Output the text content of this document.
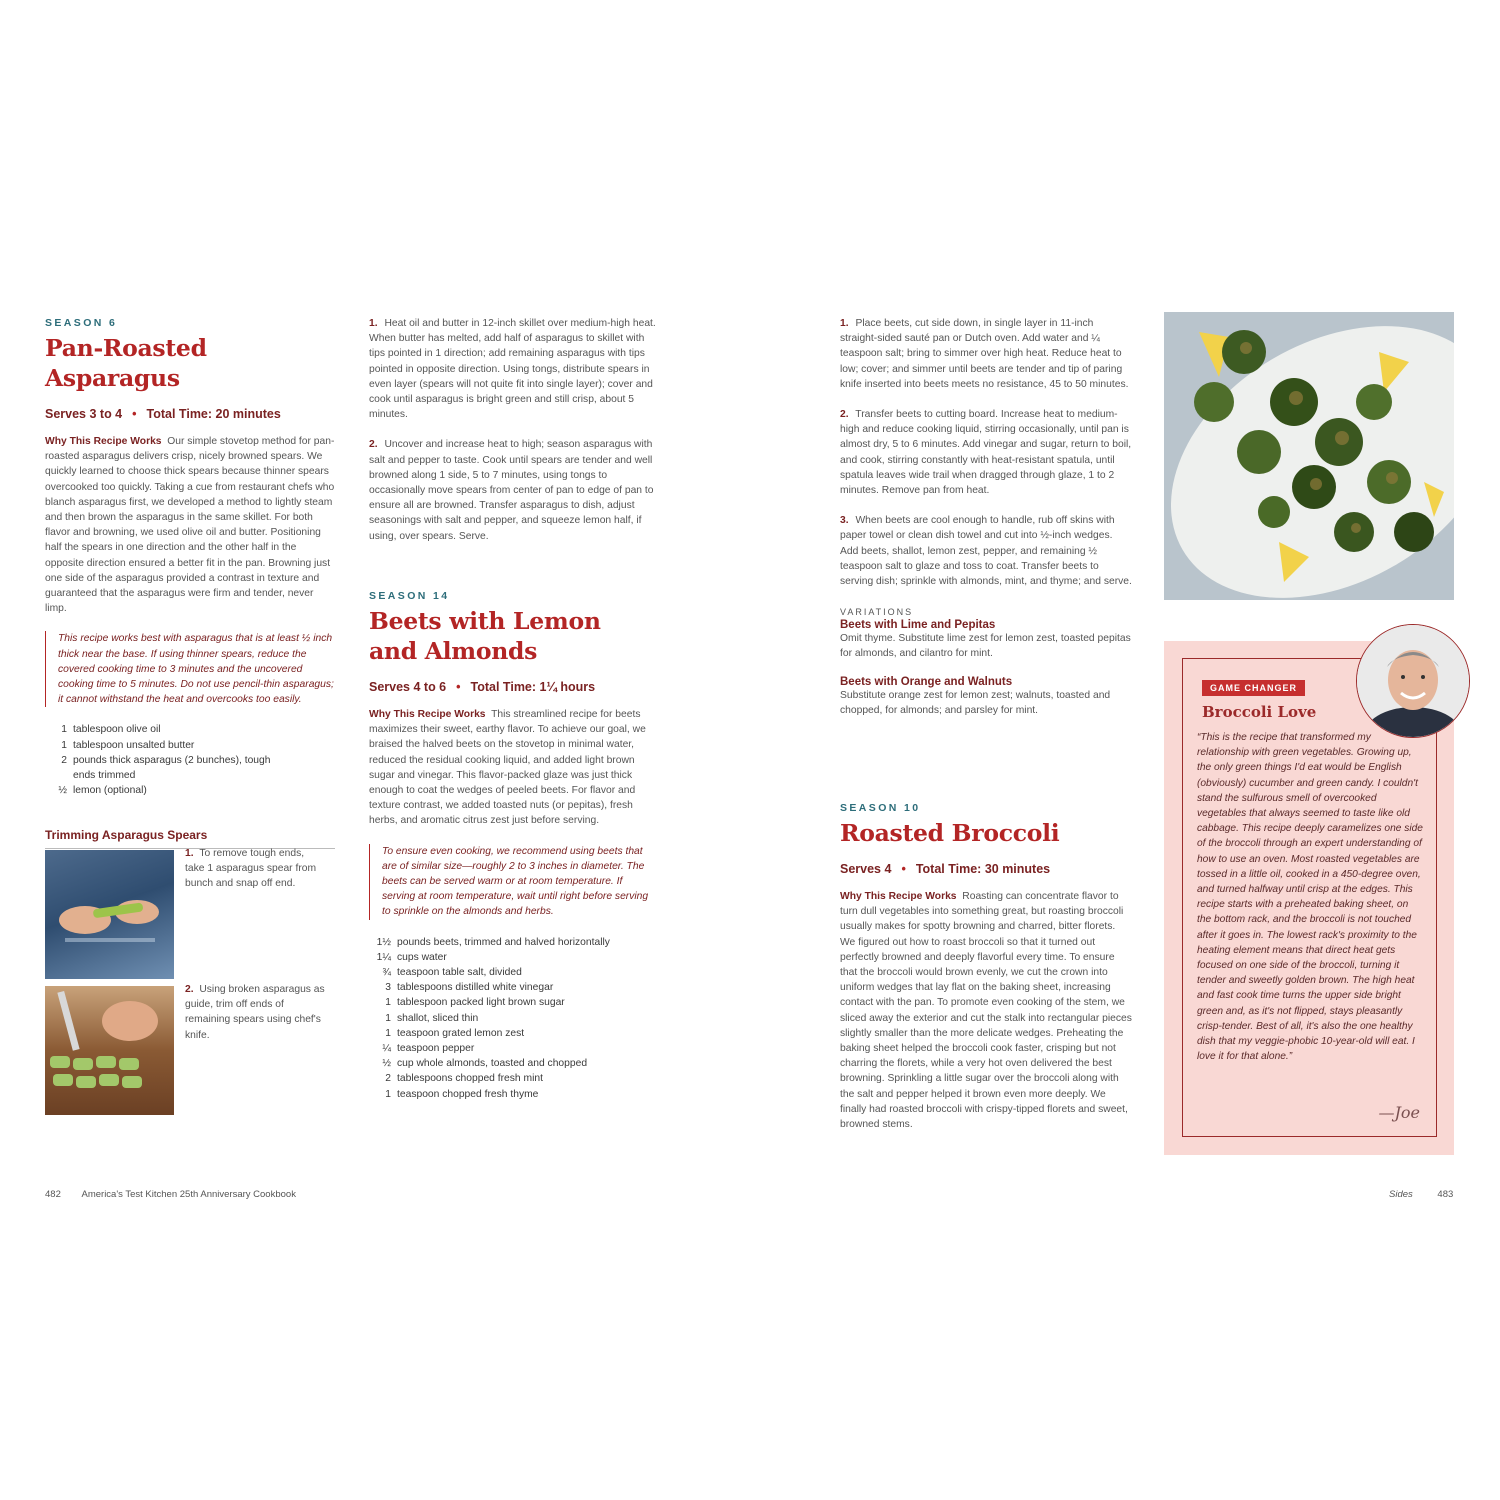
SEASON 6
Pan-Roasted Asparagus
Serves 3 to 4 • Total Time: 20 minutes
Why This Recipe Works Our simple stovetop method for pan-roasted asparagus delivers crisp, nicely browned spears. We quickly learned to choose thick spears because thinner spears overcooked too quickly. Taking a cue from restaurant chefs who blanch asparagus first, we developed a method to lightly steam and then brown the asparagus in the same skillet. For both flavor and browning, we used olive oil and butter. Positioning half the spears in one direction and the other half in the opposite direction ensured a better fit in the pan. Browning just one side of the asparagus provided a contrast in texture and guaranteed that the asparagus were firm and tender, never limp.
This recipe works best with asparagus that is at least ½ inch thick near the base. If using thinner spears, reduce the covered cooking time to 3 minutes and the uncovered cooking time to 5 minutes. Do not use pencil-thin asparagus; it cannot withstand the heat and overcooks too easily.
1 tablespoon olive oil
1 tablespoon unsalted butter
2 pounds thick asparagus (2 bunches), tough ends trimmed
½ lemon (optional)
Trimming Asparagus Spears
1. To remove tough ends, take 1 asparagus spear from bunch and snap off end.
2. Using broken asparagus as guide, trim off ends of remaining spears using chef's knife.

1. Heat oil and butter in 12-inch skillet over medium-high heat. When butter has melted, add half of asparagus to skillet with tips pointed in 1 direction; add remaining asparagus with tips pointed in opposite direction. Using tongs, distribute spears in even layer (spears will not quite fit into single layer); cover and cook until asparagus is bright green and still crisp, about 5 minutes.

2. Uncover and increase heat to high; season asparagus with salt and pepper to taste. Cook until spears are tender and well browned along 1 side, 5 to 7 minutes, using tongs to occasionally move spears from center of pan to edge of pan to ensure all are browned. Transfer asparagus to dish, adjust seasonings with salt and pepper, and squeeze lemon half, if using, over spears. Serve.

SEASON 14
Beets with Lemon
and Almonds
Serves 4 to 6 • Total Time: 1¼ hours
Why This Recipe Works This streamlined recipe for beets maximizes their sweet, earthy flavor. To achieve our goal, we braised the halved beets on the stovetop in minimal water, reduced the residual cooking liquid, and added light brown sugar and vinegar. This flavor-packed glaze was just thick enough to coat the wedges of peeled beets. For flavor and texture contrast, we added toasted nuts (or pepitas), fresh herbs, and aromatic citrus zest just before serving.
To ensure even cooking, we recommend using beets that are of similar size—roughly 2 to 3 inches in diameter. The beets can be served warm or at room temperature. If serving at room temperature, wait until right before serving to sprinkle on the almonds and herbs.
1½ pounds beets, trimmed and halved horizontally
1¼ cups water
¾ teaspoon table salt, divided
3 tablespoons distilled white vinegar
1 tablespoon packed light brown sugar
1 shallot, sliced thin
1 teaspoon grated lemon zest
¼ teaspoon pepper
½ cup whole almonds, toasted and chopped
2 tablespoons chopped fresh mint
1 teaspoon chopped fresh thyme
482 America's Test Kitchen 25th Anniversary Cookbook

1. Place beets, cut side down, in single layer in 11-inch straight-sided sauté pan or Dutch oven. Add water and ¼ teaspoon salt; bring to simmer over high heat. Reduce heat to low; cover; and simmer until beets are tender and tip of paring knife inserted into beets meets no resistance, 45 to 50 minutes.

2. Transfer beets to cutting board. Increase heat to medium-high and reduce cooking liquid, stirring occasionally, until pan is almost dry, 5 to 6 minutes. Add vinegar and sugar, return to boil, and cook, stirring constantly with heat-resistant spatula, until spatula leaves wide trail when dragged through glaze, 1 to 2 minutes. Remove pan from heat.

3. When beets are cool enough to handle, rub off skins with paper towel or clean dish towel and cut into ½-inch wedges. Add beets, shallot, lemon zest, pepper, and remaining ½ teaspoon salt to glaze and toss to coat. Transfer beets to serving dish; sprinkle with almonds, mint, and thyme; and serve.

VARIATIONS
Beets with Lime and Pepitas
Omit thyme. Substitute lime zest for lemon zest, toasted pepitas for almonds, and cilantro for mint.
Beets with Orange and Walnuts
Substitute orange zest for lemon zest; walnuts, toasted and chopped, for almonds; and parsley for mint.
SEASON 10
Roasted Broccoli
Serves 4 • Total Time: 30 minutes
Why This Recipe Works Roasting can concentrate flavor to turn dull vegetables into something great, but roasting broccoli usually makes for spotty browning and charred, bitter florets. We figured out how to roast broccoli so that it turned out perfectly browned and deeply flavorful every time. To ensure that the broccoli would brown evenly, we cut the crown into uniform wedges that lay flat on the baking sheet, increasing contact with the pan. To promote even cooking of the stem, we sliced away the exterior and cut the stalk into rectangular pieces slightly smaller than the more delicate wedges. Preheating the baking sheet helped the broccoli cook faster, crisping but not charring the florets, while a very hot oven delivered the best browning. Sprinkling a little sugar over the broccoli along with the salt and pepper helped it brown even more deeply. We finally had roasted broccoli with crispy-tipped florets and sweet, browned stems.
GAME CHANGER
Broccoli Love
“This is the recipe that transformed my relationship with green vegetables. Growing up, the only green things I'd eat would be English (obviously) cucumber and green candy. I couldn't stand the sulfurous smell of overcooked vegetables that always seemed to taste like old cabbage. This recipe deeply caramelizes one side of the broccoli through an expert understanding of how to use an oven. Most roasted vegetables are tossed in a little oil, cooked in a 450-degree oven, and turned halfway until crisp at the edges. This recipe starts with a preheated baking sheet, on the bottom rack, and the broccoli is not touched after it goes in. The lowest rack's proximity to the heating element means that direct heat gets focused on one side of the broccoli, turning it tender and sweetly golden brown. The high heat and fast cook time turns the upper side bright green and, as it's not flipped, stays pleasantly crisp-tender. Best of all, it's also the one healthy dish that my veggie-phobic 10-year-old will eat. I love it for that alone.”
—Joe
Sides	483
